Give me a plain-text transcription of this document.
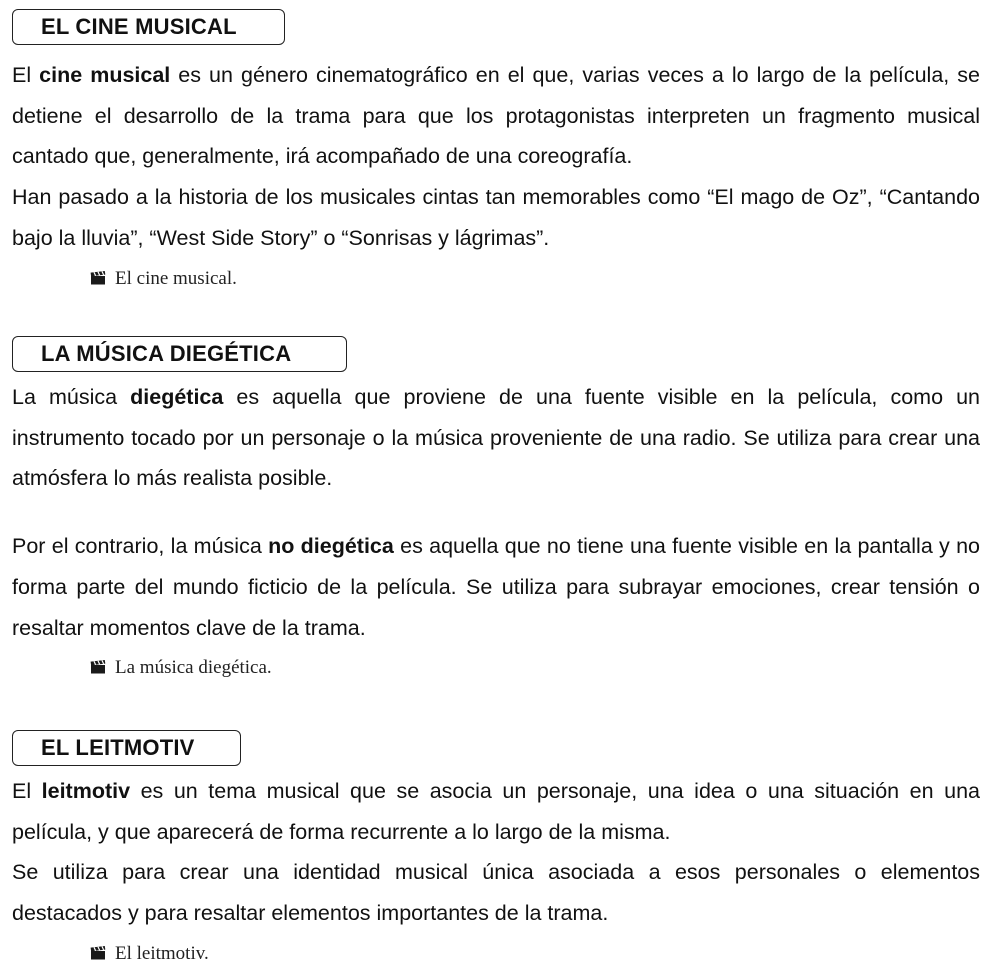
EL CINE MUSICAL

El cine musical es un género cinematográfico en el que, varias veces a lo largo de la película, se detiene el desarrollo de la trama para que los protagonistas interpreten un fragmento musical cantado que, generalmente, irá acompañado de una coreografía.

Han pasado a la historia de los musicales cintas tan memorables como “El mago de Oz”, “Cantando bajo la lluvia”, “West Side Story” o “Sonrisas y lágrimas”.

El cine musical.
LA MÚSICA DIEGÉTICA

La música diegética es aquella que proviene de una fuente visible en la película, como un instrumento tocado por un personaje o la música proveniente de una radio. Se utiliza para crear una atmósfera lo más realista posible.

Por el contrario, la música no diegética es aquella que no tiene una fuente visible en la pantalla y no forma parte del mundo ficticio de la película. Se utiliza para subrayar emociones, crear tensión o resaltar momentos clave de la trama.

La música diegética.
EL LEITMOTIV

El leitmotiv es un tema musical que se asocia un personaje, una idea o una situación en una película, y que aparecerá de forma recurrente a lo largo de la misma.

Se utiliza para crear una identidad musical única asociada a esos personales o elementos destacados y para resaltar elementos importantes de la trama.

El leitmotiv.
